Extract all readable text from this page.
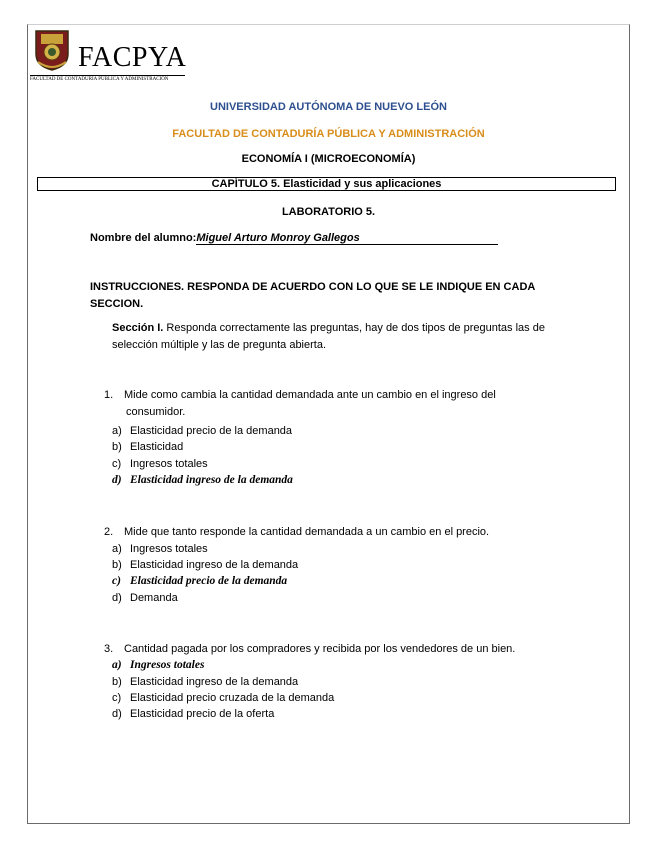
FACPYA
FACULTAD DE CONTADURÍA PÚBLICA Y ADMINISTRACIÓN
UNIVERSIDAD AUTÓNOMA DE NUEVO LEÓN
FACULTAD DE CONTADURÍA PÚBLICA Y ADMINISTRACIÓN
ECONOMÍA I (MICROECONOMÍA)
CAPÍTULO 5. Elasticidad y sus aplicaciones
LABORATORIO 5.
Nombre del alumno:Miguel Arturo Monroy Gallegos
INSTRUCCIONES. RESPONDA DE ACUERDO CON LO QUE SE LE INDIQUE EN CADA SECCION.
Sección I. Responda correctamente las preguntas, hay de dos tipos de preguntas las de selección múltiple y las de pregunta abierta.
1. Mide como cambia la cantidad demandada ante un cambio en el ingreso del
consumidor.
a) Elasticidad precio de la demanda
b) Elasticidad
c) Ingresos totales
d) Elasticidad ingreso de la demanda
2. Mide que tanto responde la cantidad demandada a un cambio en el precio.
a) Ingresos totales
b) Elasticidad ingreso de la demanda
c) Elasticidad precio de la demanda
d) Demanda
3. Cantidad pagada por los compradores y recibida por los vendedores de un bien.
a) Ingresos totales
b) Elasticidad ingreso de la demanda
c) Elasticidad precio cruzada de la demanda
d) Elasticidad precio de la oferta
